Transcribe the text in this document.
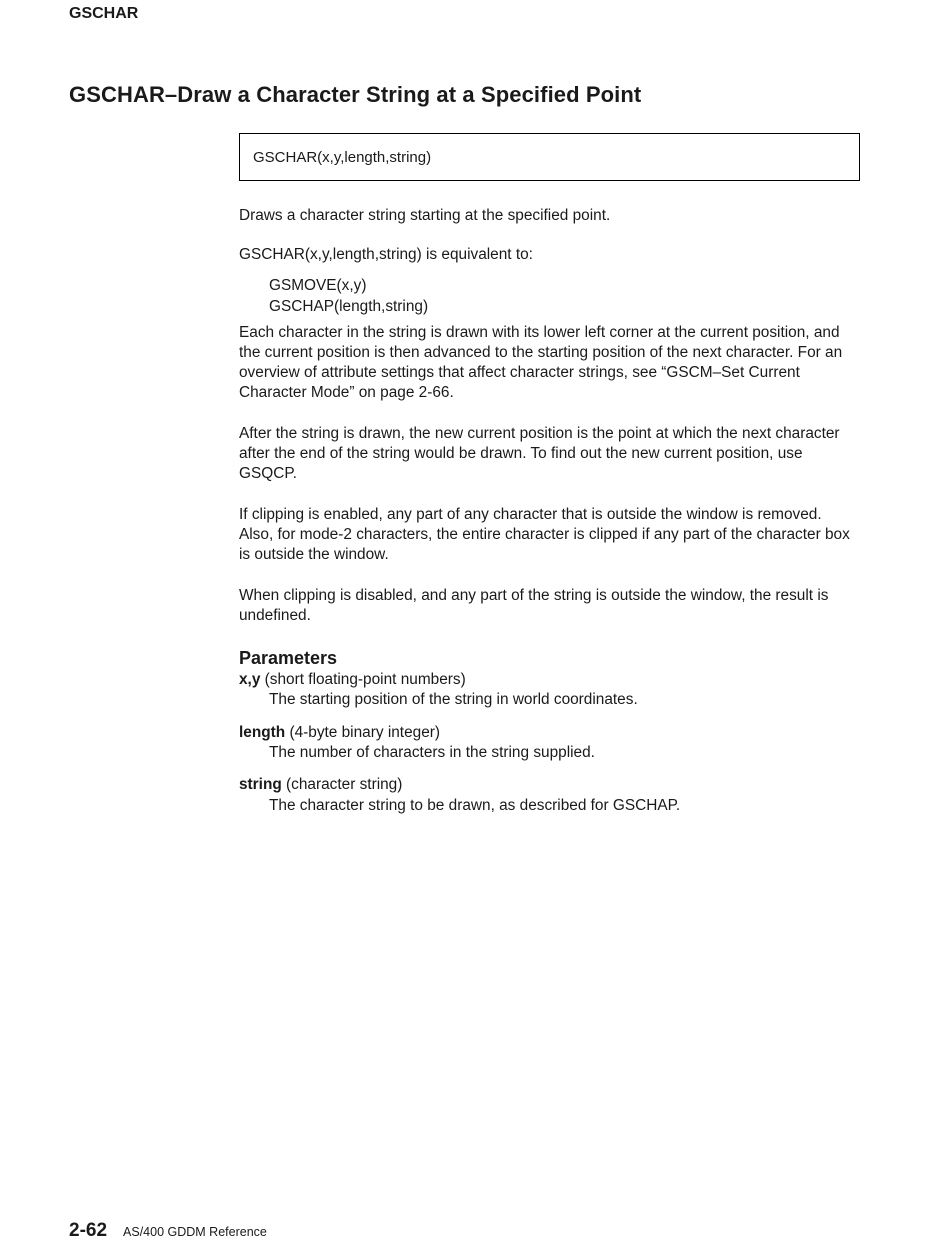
GSCHAR
GSCHAR–Draw a Character String at a Specified Point
GSCHAR(x,y,length,string)

Draws a character string starting at the specified point.

GSCHAR(x,y,length,string) is equivalent to:

GSMOVE(x,y)
GSCHAP(length,string)

Each character in the string is drawn with its lower left corner at the current position, and the current position is then advanced to the starting position of the next character. For an overview of attribute settings that affect character strings, see “GSCM–Set Current Character Mode” on page 2-66.

After the string is drawn, the new current position is the point at which the next character after the end of the string would be drawn. To find out the new current position, use GSQCP.

If clipping is enabled, any part of any character that is outside the window is removed. Also, for mode-2 characters, the entire character is clipped if any part of the character box is outside the window.

When clipping is disabled, and any part of the string is outside the window, the result is undefined.

Parameters
x,y (short floating-point numbers)
The starting position of the string in world coordinates.
length (4-byte binary integer)
The number of characters in the string supplied.
string (character string)
The character string to be drawn, as described for GSCHAP.
2-62 AS/400 GDDM Reference
